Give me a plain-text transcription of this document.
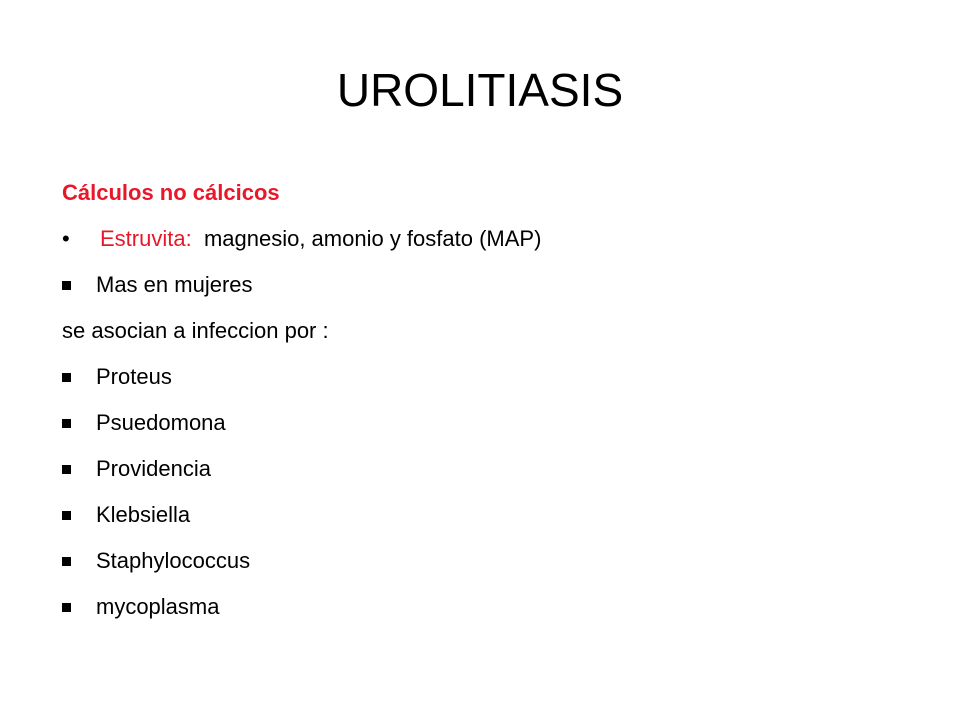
UROLITIASIS
Cálculos no cálcicos
• Estruvita: magnesio, amonio y fosfato (MAP)
Mas en mujeres
se asocian a infeccion por :
Proteus
Psuedomona
Providencia
Klebsiella
Staphylococcus
mycoplasma
